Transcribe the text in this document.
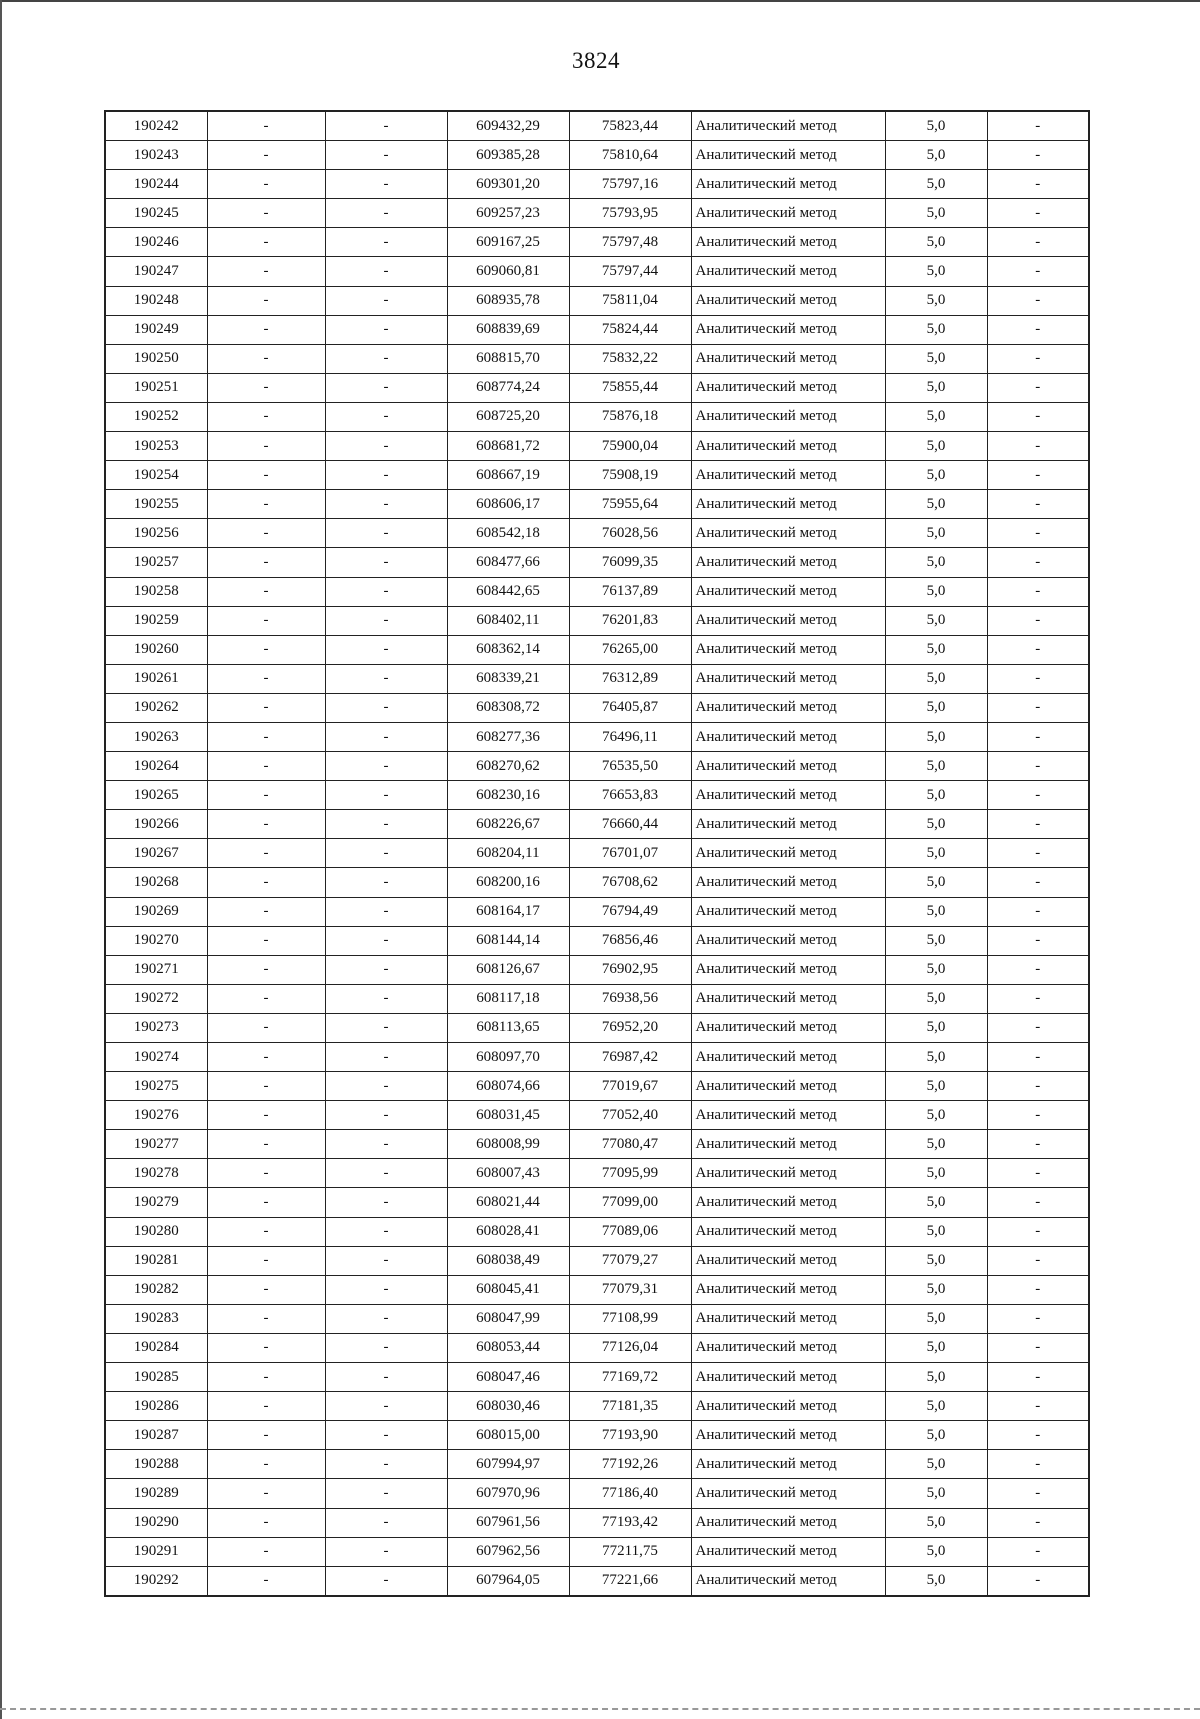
3824
190242	-	-	609432,29	75823,44	Аналитический метод	5,0	-
190243	-	-	609385,28	75810,64	Аналитический метод	5,0	-
190244	-	-	609301,20	75797,16	Аналитический метод	5,0	-
190245	-	-	609257,23	75793,95	Аналитический метод	5,0	-
190246	-	-	609167,25	75797,48	Аналитический метод	5,0	-
190247	-	-	609060,81	75797,44	Аналитический метод	5,0	-
190248	-	-	608935,78	75811,04	Аналитический метод	5,0	-
190249	-	-	608839,69	75824,44	Аналитический метод	5,0	-
190250	-	-	608815,70	75832,22	Аналитический метод	5,0	-
190251	-	-	608774,24	75855,44	Аналитический метод	5,0	-
190252	-	-	608725,20	75876,18	Аналитический метод	5,0	-
190253	-	-	608681,72	75900,04	Аналитический метод	5,0	-
190254	-	-	608667,19	75908,19	Аналитический метод	5,0	-
190255	-	-	608606,17	75955,64	Аналитический метод	5,0	-
190256	-	-	608542,18	76028,56	Аналитический метод	5,0	-
190257	-	-	608477,66	76099,35	Аналитический метод	5,0	-
190258	-	-	608442,65	76137,89	Аналитический метод	5,0	-
190259	-	-	608402,11	76201,83	Аналитический метод	5,0	-
190260	-	-	608362,14	76265,00	Аналитический метод	5,0	-
190261	-	-	608339,21	76312,89	Аналитический метод	5,0	-
190262	-	-	608308,72	76405,87	Аналитический метод	5,0	-
190263	-	-	608277,36	76496,11	Аналитический метод	5,0	-
190264	-	-	608270,62	76535,50	Аналитический метод	5,0	-
190265	-	-	608230,16	76653,83	Аналитический метод	5,0	-
190266	-	-	608226,67	76660,44	Аналитический метод	5,0	-
190267	-	-	608204,11	76701,07	Аналитический метод	5,0	-
190268	-	-	608200,16	76708,62	Аналитический метод	5,0	-
190269	-	-	608164,17	76794,49	Аналитический метод	5,0	-
190270	-	-	608144,14	76856,46	Аналитический метод	5,0	-
190271	-	-	608126,67	76902,95	Аналитический метод	5,0	-
190272	-	-	608117,18	76938,56	Аналитический метод	5,0	-
190273	-	-	608113,65	76952,20	Аналитический метод	5,0	-
190274	-	-	608097,70	76987,42	Аналитический метод	5,0	-
190275	-	-	608074,66	77019,67	Аналитический метод	5,0	-
190276	-	-	608031,45	77052,40	Аналитический метод	5,0	-
190277	-	-	608008,99	77080,47	Аналитический метод	5,0	-
190278	-	-	608007,43	77095,99	Аналитический метод	5,0	-
190279	-	-	608021,44	77099,00	Аналитический метод	5,0	-
190280	-	-	608028,41	77089,06	Аналитический метод	5,0	-
190281	-	-	608038,49	77079,27	Аналитический метод	5,0	-
190282	-	-	608045,41	77079,31	Аналитический метод	5,0	-
190283	-	-	608047,99	77108,99	Аналитический метод	5,0	-
190284	-	-	608053,44	77126,04	Аналитический метод	5,0	-
190285	-	-	608047,46	77169,72	Аналитический метод	5,0	-
190286	-	-	608030,46	77181,35	Аналитический метод	5,0	-
190287	-	-	608015,00	77193,90	Аналитический метод	5,0	-
190288	-	-	607994,97	77192,26	Аналитический метод	5,0	-
190289	-	-	607970,96	77186,40	Аналитический метод	5,0	-
190290	-	-	607961,56	77193,42	Аналитический метод	5,0	-
190291	-	-	607962,56	77211,75	Аналитический метод	5,0	-
190292	-	-	607964,05	77221,66	Аналитический метод	5,0	-
